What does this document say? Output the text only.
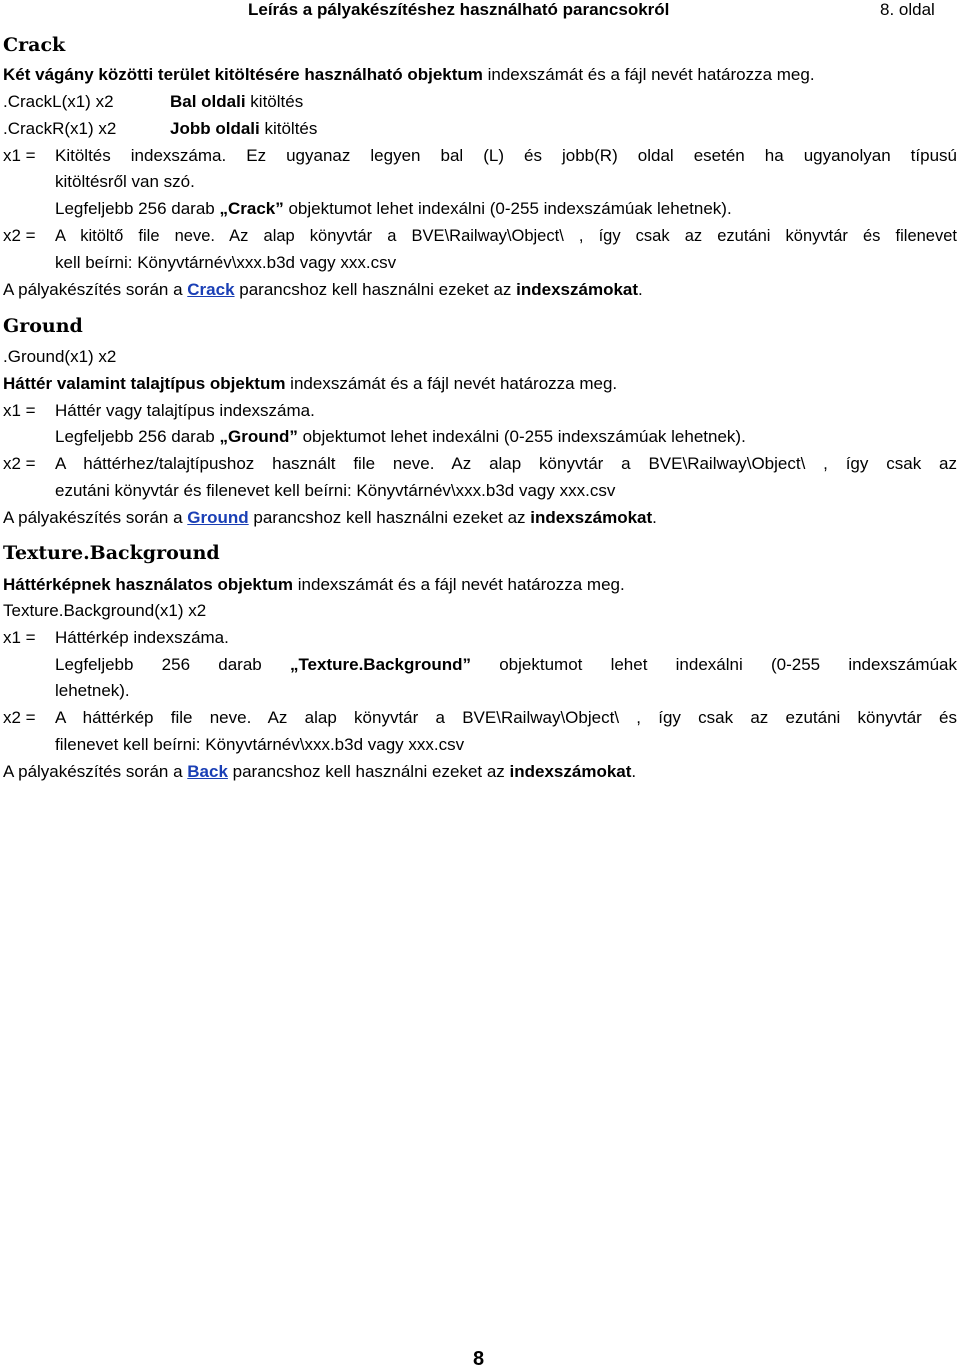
Leírás a pályakészítéshez használható parancsokról	8. oldal
Crack
Két vágány közötti terület kitöltésére használható objektum indexszámát és a fájl nevét határozza meg.
.CrackL(x1) x2	Bal oldali kitöltés
.CrackR(x1) x2	Jobb oldali kitöltés
x1 = Kitöltés indexszáma. Ez ugyanaz legyen bal (L) és jobb(R) oldal esetén ha ugyanolyan típusú
kitöltésről van szó.
Legfeljebb 256 darab „Crack” objektumot lehet indexálni (0-255 indexszámúak lehetnek).
x2 = A kitöltő file neve. Az alap könyvtár a BVE\Railway\Object\ , így csak az ezutáni könyvtár és filenevet
kell beírni: Könyvtárnév\xxx.b3d vagy xxx.csv
A pályakészítés során a Crack parancshoz kell használni ezeket az indexszámokat.
Ground
.Ground(x1) x2
Háttér valamint talajtípus objektum indexszámát és a fájl nevét határozza meg.
x1 = Háttér vagy talajtípus indexszáma.
Legfeljebb 256 darab „Ground” objektumot lehet indexálni (0-255 indexszámúak lehetnek).
x2 = A háttérhez/talajtípushoz használt file neve. Az alap könyvtár a BVE\Railway\Object\ , így csak az
ezutáni könyvtár és filenevet kell beírni: Könyvtárnév\xxx.b3d vagy xxx.csv
A pályakészítés során a Ground parancshoz kell használni ezeket az indexszámokat.
Texture.Background
Háttérképnek használatos objektum indexszámát és a fájl nevét határozza meg.
Texture.Background(x1) x2
x1 = Háttérkép indexszáma.
Legfeljebb 256 darab „Texture.Background” objektumot lehet indexálni (0-255 indexszámúak
lehetnek).
x2 = A háttérkép file neve. Az alap könyvtár a BVE\Railway\Object\ , így csak az ezutáni könyvtár és
filenevet kell beírni: Könyvtárnév\xxx.b3d vagy xxx.csv
A pályakészítés során a Back parancshoz kell használni ezeket az indexszámokat.
8
